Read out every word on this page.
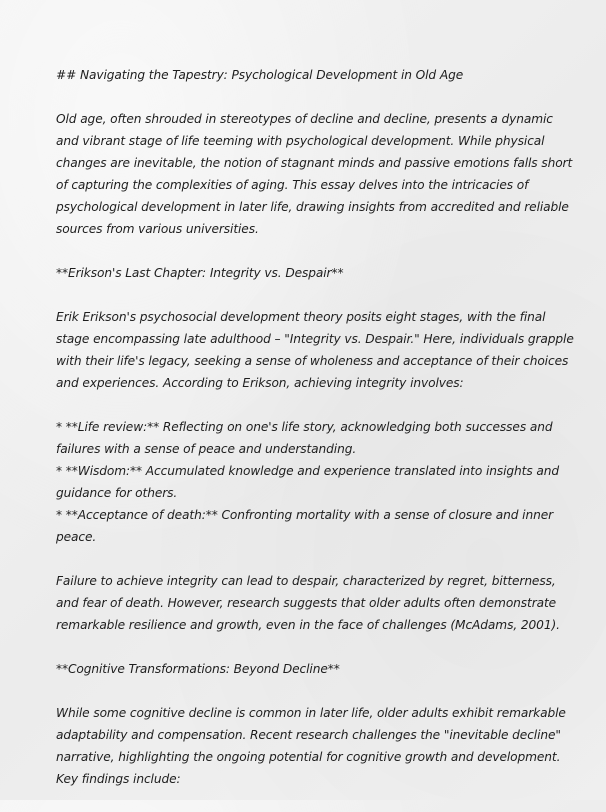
## Navigating the Tapestry: Psychological Development in Old Age

Old age, often shrouded in stereotypes of decline and decline, presents a dynamic and vibrant stage of life teeming with psychological development. While physical changes are inevitable, the notion of stagnant minds and passive emotions falls short of capturing the complexities of aging. This essay delves into the intricacies of psychological development in later life, drawing insights from accredited and reliable sources from various universities.

**Erikson's Last Chapter: Integrity vs. Despair**

Erik Erikson's psychosocial development theory posits eight stages, with the final stage encompassing late adulthood – "Integrity vs. Despair." Here, individuals grapple with their life's legacy, seeking a sense of wholeness and acceptance of their choices and experiences. According to Erikson, achieving integrity involves:

* **Life review:** Reflecting on one's life story, acknowledging both successes and failures with a sense of peace and understanding.

* **Wisdom:** Accumulated knowledge and experience translated into insights and guidance for others.

* **Acceptance of death:** Confronting mortality with a sense of closure and inner peace.

Failure to achieve integrity can lead to despair, characterized by regret, bitterness, and fear of death. However, research suggests that older adults often demonstrate remarkable resilience and growth, even in the face of challenges (McAdams, 2001).

**Cognitive Transformations: Beyond Decline**

While some cognitive decline is common in later life, older adults exhibit remarkable adaptability and compensation. Recent research challenges the "inevitable decline" narrative, highlighting the ongoing potential for cognitive growth and development. Key findings include:
